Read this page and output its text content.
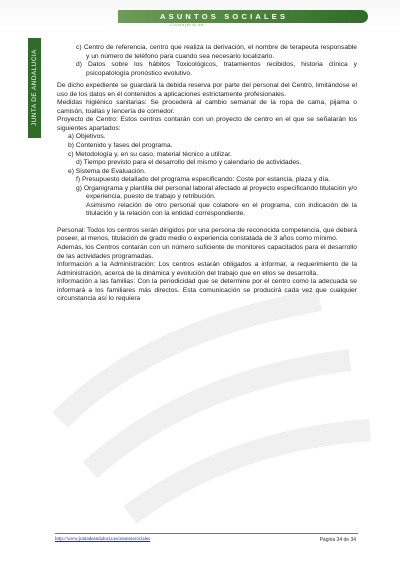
ASUNTOS SOCIALES
Consejería de
JUNTA DE ANDALUCIA

c) Centro de referencia, centro que realiza la derivación, el nombre de terapeuta responsable y un número de teléfono para cuando sea necesario localizarlo.

d) Datos sobre los hábitos Toxicológicos, tratamientos recibidos, historia clínica y psicopatología pronóstico evolutivo.

De dicho expediente se guardará la debida reserva por parte del personal del Centro, limitándose el uso de los datos en él contenidos a aplicaciones estrictamente profesionales.

Medidas higiénico sanitarias: Se procederá al cambio semanal de la ropa de cama, pijama o camisón, toallas y lencería de comedor.

Proyecto de Centro: Estos centros contarán con un proyecto de centro en el que se señalarán los siguientes apartados:

a) Objetivos.

b) Contenido y fases del programa.

c) Metodología y, en su caso, material técnico a utilizar.

d) Tiempo previsto para el desarrollo del mismo y calendario de actividades.

e) Sistema de Evaluación.

f) Presupuesto detallado del programa especificando: Coste por estancia, plaza y día.

g) Organigrama y plantilla del personal laboral afectado al proyecto especificando titulación y/o experiencia, puesto de trabajo y retribución.

Asimismo relación de otro personal que colabore en el programa, con indicación de la titulación y la relación con la entidad correspondiente.

Personal: Todos los centros serán dirigidos por una persona de reconocida competencia, que deberá poseer, al menos, titulación de grado medio o experiencia constatada de 3 años como mínimo.

Además, los Centros contarán con un número suficiente de monitores capacitados para el desarrollo de las actividades programadas.

Información a la Administración: Los centros estarán obligados a informar, a requerimiento de la Administración, acerca de la dinámica y evolución del trabajo que en ellos se desarrolla.

Información a las familias: Con la periodicidad que se determine por el centro como la adecuada se informará a los familiares más directos. Esta comunicación se producirá cada vez que cualquier circunstancia así lo requiera

http://www.juntadeandalucia.es/asuntossociales	Página 34 de 34
